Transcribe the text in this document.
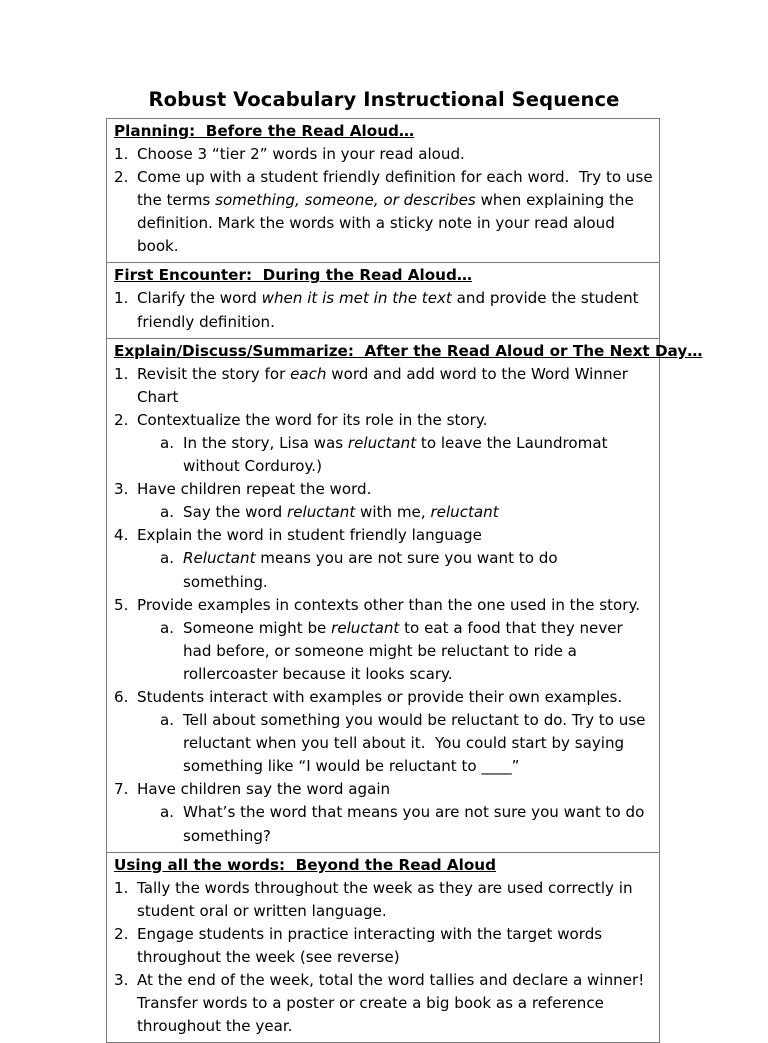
Robust Vocabulary Instructional Sequence
Planning:  Before the Read Aloud…
1. Choose 3 “tier 2” words in your read aloud.
2. Come up with a student friendly definition for each word.  Try to use the terms something, someone, or describes when explaining the definition. Mark the words with a sticky note in your read aloud book.
First Encounter:  During the Read Aloud…
1. Clarify the word when it is met in the text and provide the student friendly definition.
Explain/Discuss/Summarize:  After the Read Aloud or The Next Day…
1. Revisit the story for each word and add word to the Word Winner Chart
2. Contextualize the word for its role in the story.
a. In the story, Lisa was reluctant to leave the Laundromat without Corduroy.)
3. Have children repeat the word.
a. Say the word reluctant with me, reluctant
4. Explain the word in student friendly language
a. Reluctant means you are not sure you want to do something.
5. Provide examples in contexts other than the one used in the story.
a. Someone might be reluctant to eat a food that they never had before, or someone might be reluctant to ride a rollercoaster because it looks scary.
6. Students interact with examples or provide their own examples.
a. Tell about something you would be reluctant to do. Try to use reluctant when you tell about it.  You could start by saying something like “I would be reluctant to ____”
7. Have children say the word again
a. What’s the word that means you are not sure you want to do something?
Using all the words:  Beyond the Read Aloud
1. Tally the words throughout the week as they are used correctly in student oral or written language.
2. Engage students in practice interacting with the target words throughout the week (see reverse)
3. At the end of the week, total the word tallies and declare a winner! Transfer words to a poster or create a big book as a reference throughout the year.
